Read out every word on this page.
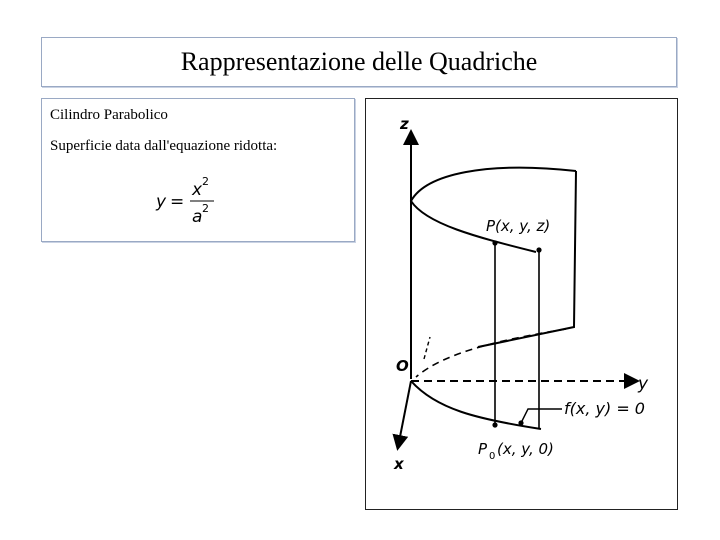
Rappresentazione delle Quadriche

Cilindro Parabolico

Superficie data dall'equazione ridotta:

y =
x 2
a 2
z
y
x
O
P(x, y, z)
f(x, y) = 0
P 0 (x, y, 0)
